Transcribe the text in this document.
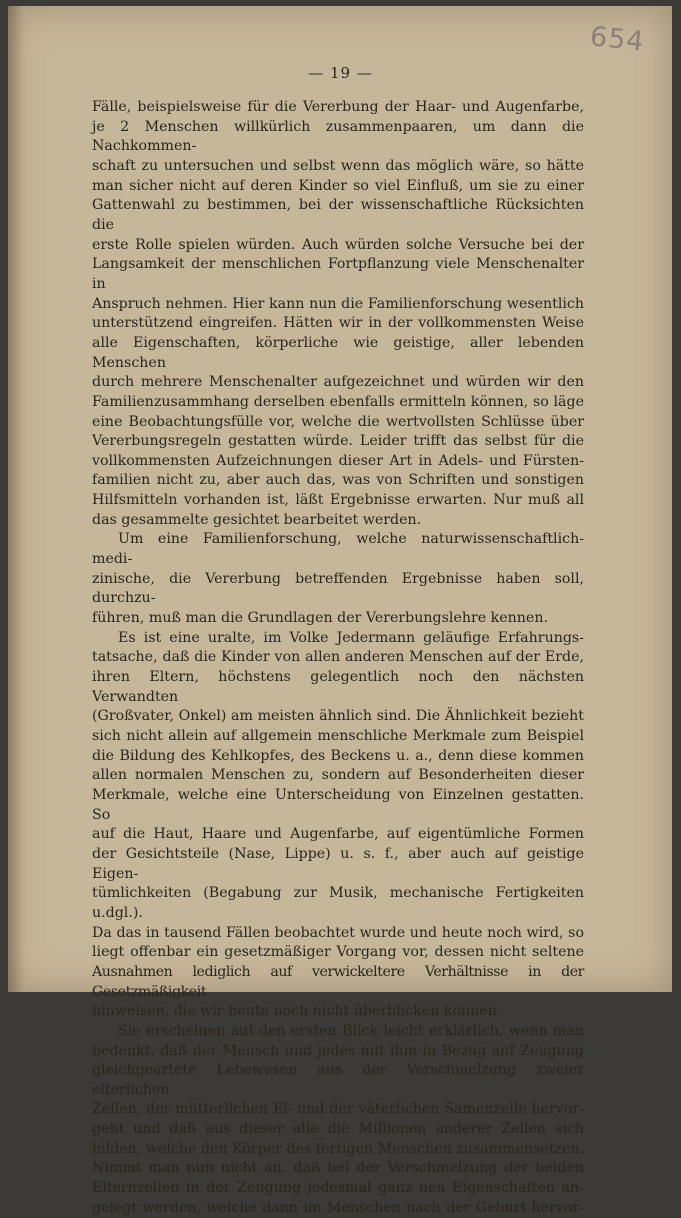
654
— 19 —

Fälle, beispielsweise für die Vererbung der Haar- und Augenfarbe,

je 2 Menschen willkürlich zusammenpaaren, um dann die Nachkommen-

schaft zu untersuchen und selbst wenn das möglich wäre, so hätte

man sicher nicht auf deren Kinder so viel Einfluß, um sie zu einer

Gattenwahl zu bestimmen, bei der wissenschaftliche Rücksichten die

erste Rolle spielen würden. Auch würden solche Versuche bei der

Langsamkeit der menschlichen Fortpflanzung viele Menschenalter in

Anspruch nehmen. Hier kann nun die Familienforschung wesentlich

unterstützend eingreifen. Hätten wir in der vollkommensten Weise

alle Eigenschaften, körperliche wie geistige, aller lebenden Menschen

durch mehrere Menschenalter aufgezeichnet und würden wir den

Familienzusammhang derselben ebenfalls ermitteln können, so läge

eine Beobachtungsfülle vor, welche die wertvollsten Schlüsse über

Vererbungsregeln gestatten würde. Leider trifft das selbst für die

vollkommensten Aufzeichnungen dieser Art in Adels- und Fürsten-

familien nicht zu, aber auch das, was von Schriften und sonstigen

Hilfsmitteln vorhanden ist, läßt Ergebnisse erwarten. Nur muß all

das gesammelte gesichtet bearbeitet werden.

Um eine Familienforschung, welche naturwissenschaftlich-medi-

zinische, die Vererbung betreffenden Ergebnisse haben soll, durchzu-

führen, muß man die Grundlagen der Vererbungslehre kennen.

Es ist eine uralte, im Volke Jedermann geläufige Erfahrungs-

tatsache, daß die Kinder von allen anderen Menschen auf der Erde,

ihren Eltern, höchstens gelegentlich noch den nächsten Verwandten

(Großvater, Onkel) am meisten ähnlich sind. Die Ähnlichkeit bezieht

sich nicht allein auf allgemein menschliche Merkmale zum Beispiel

die Bildung des Kehlkopfes, des Beckens u. a., denn diese kommen

allen normalen Menschen zu, sondern auf Besonderheiten dieser

Merkmale, welche eine Unterscheidung von Einzelnen gestatten. So

auf die Haut, Haare und Augenfarbe, auf eigentümliche Formen

der Gesichtsteile (Nase, Lippe) u. s. f., aber auch auf geistige Eigen-

tümlichkeiten (Begabung zur Musik, mechanische Fertigkeiten u.dgl.).

Da das in tausend Fällen beobachtet wurde und heute noch wird, so

liegt offenbar ein gesetzmäßiger Vorgang vor, dessen nicht seltene

Ausnahmen lediglich auf verwickeltere Verhältnisse in der Gesetzmäßigkeit

hinweisen, die wir heute noch nicht überblicken können.

Sie erscheinen auf den ersten Blick leicht erklärlich, wenn man

bedenkt, daß der Mensch und jedes mit ihm in Bezug auf Zeugung

gleichgeartete Lebewesen aus der Verschmelzung zweier elterlichen

Zellen, der mütterlichen Ei- und der väterlichen Samenzelle hervor-

geht und daß aus dieser alle die Millionen anderer Zellen sich

bilden, welche den Körper des fertigen Menschen zusammensetzen.

Nimmt man nun nicht an, daß bei der Verschmelzung der beiden

Elternzellen in der Zeugung jedesmal ganz neu Eigenschaften an-

gelegt werden, welche dann im Menschen nach der Geburt hervor-
